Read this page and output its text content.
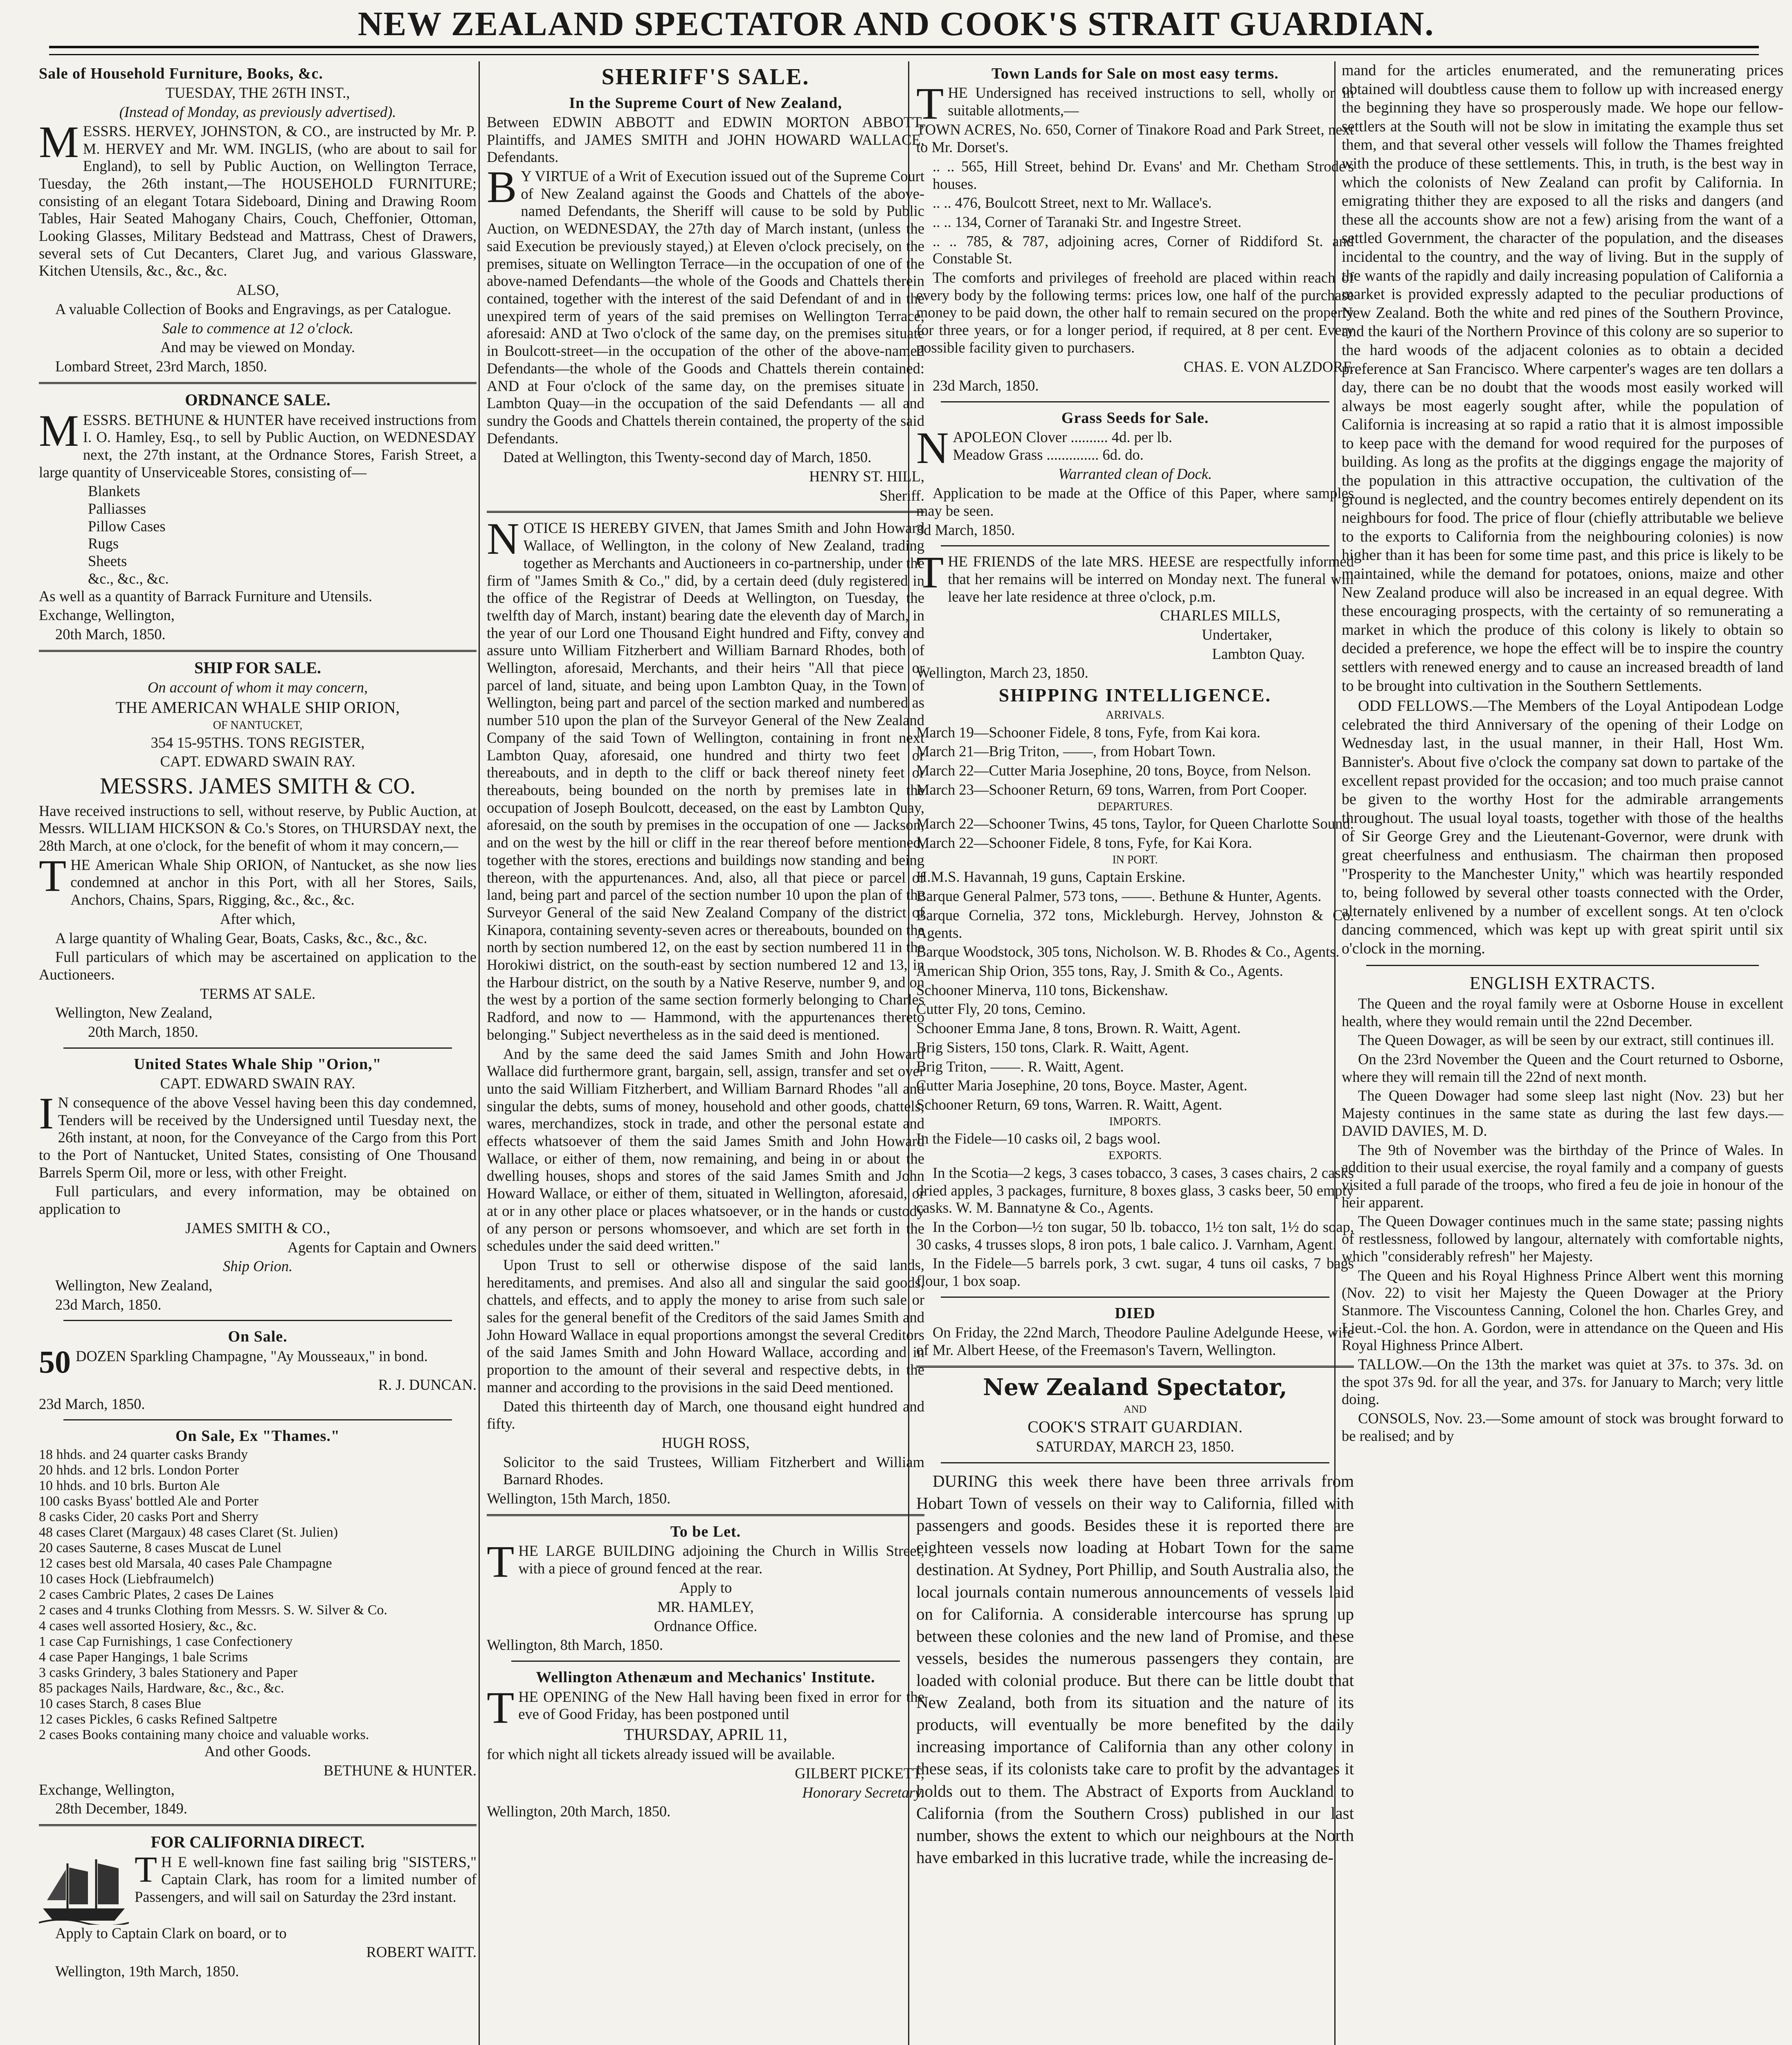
NEW ZEALAND SPECTATOR AND COOK'S STRAIT GUARDIAN.
Sale of Household Furniture, Books, &c.

TUESDAY, THE 26TH INST.,

(Instead of Monday, as previously advertised).

MESSRS. HERVEY, JOHNSTON, & CO., are instructed by Mr. P. M. HERVEY and Mr. WM. INGLIS, (who are about to sail for England), to sell by Public Auction, on Wellington Terrace, Tuesday, the 26th instant,—The HOUSEHOLD FURNITURE; consisting of an elegant Totara Sideboard, Dining and Drawing Room Tables, Hair Seated Mahogany Chairs, Couch, Cheffonier, Ottoman, Looking Glasses, Military Bedstead and Mattrass, Chest of Drawers, several sets of Cut Decanters, Claret Jug, and various Glassware, Kitchen Utensils, &c., &c., &c.

ALSO,

A valuable Collection of Books and Engravings, as per Catalogue.

Sale to commence at 12 o'clock.

And may be viewed on Monday.

Lombard Street, 23rd March, 1850.

ORDNANCE SALE.

MESSRS. BETHUNE & HUNTER have received instructions from I. O. Hamley, Esq., to sell by Public Auction, on WEDNESDAY next, the 27th instant, at the Ordnance Stores, Farish Street, a large quantity of Unserviceable Stores, consisting of—

Blankets
Palliasses
Pillow Cases
Rugs
Sheets
&c., &c., &c.

As well as a quantity of Barrack Furniture and Utensils.

Exchange, Wellington,

20th March, 1850.

SHIP FOR SALE.

On account of whom it may concern,

THE AMERICAN WHALE SHIP ORION,

OF NANTUCKET,

354 15-95THS. TONS REGISTER,

CAPT. EDWARD SWAIN RAY.

MESSRS. JAMES SMITH & CO.

Have received instructions to sell, without reserve, by Public Auction, at Messrs. WILLIAM HICKSON & Co.'s Stores, on THURSDAY next, the 28th March, at one o'clock, for the benefit of whom it may concern,—

THE American Whale Ship ORION, of Nantucket, as she now lies condemned at anchor in this Port, with all her Stores, Sails, Anchors, Chains, Spars, Rigging, &c., &c., &c.

After which,

A large quantity of Whaling Gear, Boats, Casks, &c., &c., &c.

Full particulars of which may be ascertained on application to the Auctioneers.

TERMS AT SALE.

Wellington, New Zealand,

20th March, 1850.

United States Whale Ship "Orion,"

CAPT. EDWARD SWAIN RAY.

I N consequence of the above Vessel having been this day condemned, Tenders will be received by the Undersigned until Tuesday next, the 26th instant, at noon, for the Conveyance of the Cargo from this Port to the Port of Nantucket, United States, consisting of One Thousand Barrels Sperm Oil, more or less, with other Freight.

Full particulars, and every information, may be obtained on application to

JAMES SMITH & CO.,

Agents for Captain and Owners

Ship Orion.

Wellington, New Zealand,

23d March, 1850.

On Sale.

50 DOZEN Sparkling Champagne, "Ay Mousseaux," in bond.

R. J. DUNCAN.

23d March, 1850.

On Sale, Ex "Thames."
18 hhds. and 24 quarter casks Brandy
20 hhds. and 12 brls. London Porter
10 hhds. and 10 brls. Burton Ale
100 casks Byass' bottled Ale and Porter
8 casks Cider, 20 casks Port and Sherry
48 cases Claret (Margaux) 48 cases Claret (St. Julien)
20 cases Sauterne, 8 cases Muscat de Lunel
12 cases best old Marsala, 40 cases Pale Champagne
10 cases Hock (Liebfraumelch)
2 cases Cambric Plates, 2 cases De Laines
2 cases and 4 trunks Clothing from Messrs. S. W. Silver & Co.
4 cases well assorted Hosiery, &c., &c.
1 case Cap Furnishings, 1 case Confectionery
4 case Paper Hangings, 1 bale Scrims
3 casks Grindery, 3 bales Stationery and Paper
85 packages Nails, Hardware, &c., &c., &c.
10 cases Starch, 8 cases Blue
12 cases Pickles, 6 casks Refined Saltpetre
2 cases Books containing many choice and valuable works.

And other Goods.

BETHUNE & HUNTER.

Exchange, Wellington,

28th December, 1849.

FOR CALIFORNIA DIRECT.

T H E well-known fine fast sailing brig "SISTERS," Captain Clark, has room for a limited number of Passengers, and will sail on Saturday the 23rd instant.

Apply to Captain Clark on board, or to

ROBERT WAITT.

Wellington, 19th March, 1850.

SHERIFF'S SALE.
In the Supreme Court of New Zealand,

Between EDWIN ABBOTT and EDWIN MORTON ABBOTT, Plaintiffs, and JAMES SMITH and JOHN HOWARD WALLACE, Defendants.

B Y VIRTUE of a Writ of Execution issued out of the Supreme Court of New Zealand against the Goods and Chattels of the above-named Defendants, the Sheriff will cause to be sold by Public Auction, on WEDNESDAY, the 27th day of March instant, (unless the said Execution be previously stayed,) at Eleven o'clock precisely, on the premises, situate on Wellington Terrace—in the occupation of one of the above-named Defendants—the whole of the Goods and Chattels therein contained, together with the interest of the said Defendant of and in the unexpired term of years of the said premises on Wellington Terrace, aforesaid: AND at Two o'clock of the same day, on the premises situate in Boulcott-street—in the occupation of the other of the above-named Defendants—the whole of the Goods and Chattels therein contained: AND at Four o'clock of the same day, on the premises situate in Lambton Quay—in the occupation of the said Defendants — all and sundry the Goods and Chattels therein contained, the property of the said Defendants.

Dated at Wellington, this Twenty-second day of March, 1850.

HENRY ST. HILL,

Sheriff.

NOTICE IS HEREBY GIVEN, that James Smith and John Howard Wallace, of Wellington, in the colony of New Zealand, trading together as Merchants and Auctioneers in co-partnership, under the firm of "James Smith & Co.," did, by a certain deed (duly registered in the office of the Registrar of Deeds at Wellington, on Tuesday, the twelfth day of March, instant) bearing date the eleventh day of March, in the year of our Lord one Thousand Eight hundred and Fifty, convey and assure unto William Fitzherbert and William Barnard Rhodes, both of Wellington, aforesaid, Merchants, and their heirs "All that piece or parcel of land, situate, and being upon Lambton Quay, in the Town of Wellington, being part and parcel of the section marked and numbered as number 510 upon the plan of the Surveyor General of the New Zealand Company of the said Town of Wellington, containing in front next Lambton Quay, aforesaid, one hundred and thirty two feet or thereabouts, and in depth to the cliff or back thereof ninety feet or thereabouts, being bounded on the north by premises late in the occupation of Joseph Boulcott, deceased, on the east by Lambton Quay, aforesaid, on the south by premises in the occupation of one — Jackson, and on the west by the hill or cliff in the rear thereof before mentioned, together with the stores, erections and buildings now standing and being thereon, with the appurtenances. And, also, all that piece or parcel of land, being part and parcel of the section number 10 upon the plan of the Surveyor General of the said New Zealand Company of the district of Kinapora, containing seventy-seven acres or thereabouts, bounded on the north by section numbered 12, on the east by section numbered 11 in the Horokiwi district, on the south-east by section numbered 12 and 13, in the Harbour district, on the south by a Native Reserve, number 9, and on the west by a portion of the same section formerly belonging to Charles Radford, and now to — Hammond, with the appurtenances thereto belonging." Subject nevertheless as in the said deed is mentioned.

And by the same deed the said James Smith and John Howard Wallace did furthermore grant, bargain, sell, assign, transfer and set over unto the said William Fitzherbert, and William Barnard Rhodes "all and singular the debts, sums of money, household and other goods, chattels, wares, merchandizes, stock in trade, and other the personal estate and effects whatsoever of them the said James Smith and John Howard Wallace, or either of them, now remaining, and being in or about the dwelling houses, shops and stores of the said James Smith and John Howard Wallace, or either of them, situated in Wellington, aforesaid, or at or in any other place or places whatsoever, or in the hands or custody of any person or persons whomsoever, and which are set forth in the schedules under the said deed written."

Upon Trust to sell or otherwise dispose of the said lands, hereditaments, and premises. And also all and singular the said goods, chattels, and effects, and to apply the money to arise from such sale or sales for the general benefit of the Creditors of the said James Smith and John Howard Wallace in equal proportions amongst the several Creditors of the said James Smith and John Howard Wallace, according and in proportion to the amount of their several and respective debts, in the manner and according to the provisions in the said Deed mentioned.

Dated this thirteenth day of March, one thousand eight hundred and fifty.

HUGH ROSS,

Solicitor to the said Trustees, William Fitzherbert and William Barnard Rhodes.

Wellington, 15th March, 1850.

To be Let.

THE LARGE BUILDING adjoining the Church in Willis Street, with a piece of ground fenced at the rear.

Apply to

MR. HAMLEY,

Ordnance Office.

Wellington, 8th March, 1850.

Wellington Athenæum and Mechanics' Institute.

THE OPENING of the New Hall having been fixed in error for the eve of Good Friday, has been postponed until

THURSDAY, APRIL 11,

for which night all tickets already issued will be available.

GILBERT PICKETT,

Honorary Secretary.

Wellington, 20th March, 1850.

Town Lands for Sale on most easy terms.

THE Undersigned has received instructions to sell, wholly or in suitable allotments,—

TOWN ACRES, No. 650, Corner of Tinakore Road and Park Street, next to Mr. Dorset's.

.. .. 565, Hill Street, behind Dr. Evans' and Mr. Chetham Strode's houses.

.. .. 476, Boulcott Street, next to Mr. Wallace's.

.. .. 134, Corner of Taranaki Str. and Ingestre Street.

.. .. 785, & 787, adjoining acres, Corner of Riddiford St. and Constable St.

The comforts and privileges of freehold are placed within reach of every body by the following terms: prices low, one half of the purchase money to be paid down, the other half to remain secured on the property for three years, or for a longer period, if required, at 8 per cent. Every possible facility given to purchasers.

CHAS. E. VON ALZDORF.

23d March, 1850.

Grass Seeds for Sale.

NAPOLEON Clover .......... 4d. per lb.
Meadow Grass .............. 6d. do.

Warranted clean of Dock.

Application to be made at the Office of this Paper, where samples may be seen.

3d March, 1850.

THE FRIENDS of the late MRS. HEESE are respectfully informed that her remains will be interred on Monday next. The funeral will leave her late residence at three o'clock, p.m.

CHARLES MILLS,

Undertaker,

Lambton Quay.

Wellington, March 23, 1850.

SHIPPING INTELLIGENCE.

ARRIVALS.

March 19—Schooner Fidele, 8 tons, Fyfe, from Kai kora.

March 21—Brig Triton, ——, from Hobart Town.

March 22—Cutter Maria Josephine, 20 tons, Boyce, from Nelson.

March 23—Schooner Return, 69 tons, Warren, from Port Cooper.

DEPARTURES.

March 22—Schooner Twins, 45 tons, Taylor, for Queen Charlotte Sound.

March 22—Schooner Fidele, 8 tons, Fyfe, for Kai Kora.

IN PORT.

H.M.S. Havannah, 19 guns, Captain Erskine.

Barque General Palmer, 573 tons, ——. Bethune & Hunter, Agents.

Barque Cornelia, 372 tons, Mickleburgh. Hervey, Johnston & Co. Agents.

Barque Woodstock, 305 tons, Nicholson. W. B. Rhodes & Co., Agents.

American Ship Orion, 355 tons, Ray, J. Smith & Co., Agents.

Schooner Minerva, 110 tons, Bickenshaw.

Cutter Fly, 20 tons, Cemino.

Schooner Emma Jane, 8 tons, Brown. R. Waitt, Agent.

Brig Sisters, 150 tons, Clark. R. Waitt, Agent.

Brig Triton, ——. R. Waitt, Agent.

Cutter Maria Josephine, 20 tons, Boyce. Master, Agent.

Schooner Return, 69 tons, Warren. R. Waitt, Agent.

IMPORTS.

In the Fidele—10 casks oil, 2 bags wool.

EXPORTS.

In the Scotia—2 kegs, 3 cases tobacco, 3 cases, 3 cases chairs, 2 casks dried apples, 3 packages, furniture, 8 boxes glass, 3 casks beer, 50 empty casks. W. M. Bannatyne & Co., Agents.

In the Corbon—½ ton sugar, 50 lb. tobacco, 1½ ton salt, 1½ do soap, 30 casks, 4 trusses slops, 8 iron pots, 1 bale calico. J. Varnham, Agent.

In the Fidele—5 barrels pork, 3 cwt. sugar, 4 tuns oil casks, 7 bags flour, 1 box soap.

DIED

On Friday, the 22nd March, Theodore Pauline Adelgunde Heese, wife of Mr. Albert Heese, of the Freemason's Tavern, Wellington.

New Zealand Spectator,

AND

COOK'S STRAIT GUARDIAN.

SATURDAY, MARCH 23, 1850.

DURING this week there have been three arrivals from Hobart Town of vessels on their way to California, filled with passengers and goods. Besides these it is reported there are eighteen vessels now loading at Hobart Town for the same destination. At Sydney, Port Phillip, and South Australia also, the local journals contain numerous announcements of vessels laid on for California. A considerable intercourse has sprung up between these colonies and the new land of Promise, and these vessels, besides the numerous passengers they contain, are loaded with colonial produce. But there can be little doubt that New Zealand, both from its situation and the nature of its products, will eventually be more benefited by the daily increasing importance of California than any other colony in these seas, if its colonists take care to profit by the advantages it holds out to them. The Abstract of Exports from Auckland to California (from the Southern Cross) published in our last number, shows the extent to which our neighbours at the North have embarked in this lucrative trade, while the increasing de-

mand for the articles enumerated, and the remunerating prices obtained will doubtless cause them to follow up with increased energy the beginning they have so prosperously made. We hope our fellow-settlers at the South will not be slow in imitating the example thus set them, and that several other vessels will follow the Thames freighted with the produce of these settlements. This, in truth, is the best way in which the colonists of New Zealand can profit by California. In emigrating thither they are exposed to all the risks and dangers (and these all the accounts show are not a few) arising from the want of a settled Government, the character of the population, and the diseases incidental to the country, and the way of living. But in the supply of the wants of the rapidly and daily increasing population of California a market is provided expressly adapted to the peculiar productions of New Zealand. Both the white and red pines of the Southern Province, and the kauri of the Northern Province of this colony are so superior to the hard woods of the adjacent colonies as to obtain a decided preference at San Francisco. Where carpenter's wages are ten dollars a day, there can be no doubt that the woods most easily worked will always be most eagerly sought after, while the population of California is increasing at so rapid a ratio that it is almost impossible to keep pace with the demand for wood required for the purposes of building. As long as the profits at the diggings engage the majority of the population in this attractive occupation, the cultivation of the ground is neglected, and the country becomes entirely dependent on its neighbours for food. The price of flour (chiefly attributable we believe to the exports to California from the neighbouring colonies) is now higher than it has been for some time past, and this price is likely to be maintained, while the demand for potatoes, onions, maize and other New Zealand produce will also be increased in an equal degree. With these encouraging prospects, with the certainty of so remunerating a market in which the produce of this colony is likely to obtain so decided a preference, we hope the effect will be to inspire the country settlers with renewed energy and to cause an increased breadth of land to be brought into cultivation in the Southern Settlements.

ODD FELLOWS.—The Members of the Loyal Antipodean Lodge celebrated the third Anniversary of the opening of their Lodge on Wednesday last, in the usual manner, in their Hall, Host Wm. Bannister's. About five o'clock the company sat down to partake of the excellent repast provided for the occasion; and too much praise cannot be given to the worthy Host for the admirable arrangements throughout. The usual loyal toasts, together with those of the healths of Sir George Grey and the Lieutenant-Governor, were drunk with great cheerfulness and enthusiasm. The chairman then proposed "Prosperity to the Manchester Unity," which was heartily responded to, being followed by several other toasts connected with the Order, alternately enlivened by a number of excellent songs. At ten o'clock dancing commenced, which was kept up with great spirit until six o'clock in the morning.

ENGLISH EXTRACTS.

The Queen and the royal family were at Osborne House in excellent health, where they would remain until the 22nd December.

The Queen Dowager, as will be seen by our extract, still continues ill.

On the 23rd November the Queen and the Court returned to Osborne, where they will remain till the 22nd of next month.

The Queen Dowager had some sleep last night (Nov. 23) but her Majesty continues in the same state as during the last few days.— DAVID DAVIES, M. D.

The 9th of November was the birthday of the Prince of Wales. In addition to their usual exercise, the royal family and a company of guests visited a full parade of the troops, who fired a feu de joie in honour of the heir apparent.

The Queen Dowager continues much in the same state; passing nights of restlessness, followed by langour, alternately with comfortable nights, which "considerably refresh" her Majesty.

The Queen and his Royal Highness Prince Albert went this morning (Nov. 22) to visit her Majesty the Queen Dowager at the Priory Stanmore. The Viscountess Canning, Colonel the hon. Charles Grey, and Lieut.-Col. the hon. A. Gordon, were in attendance on the Queen and His Royal Highness Prince Albert.

TALLOW.—On the 13th the market was quiet at 37s. to 37s. 3d. on the spot 37s 9d. for all the year, and 37s. for January to March; very little doing.

CONSOLS, Nov. 23.—Some amount of stock was brought forward to be realised; and by
